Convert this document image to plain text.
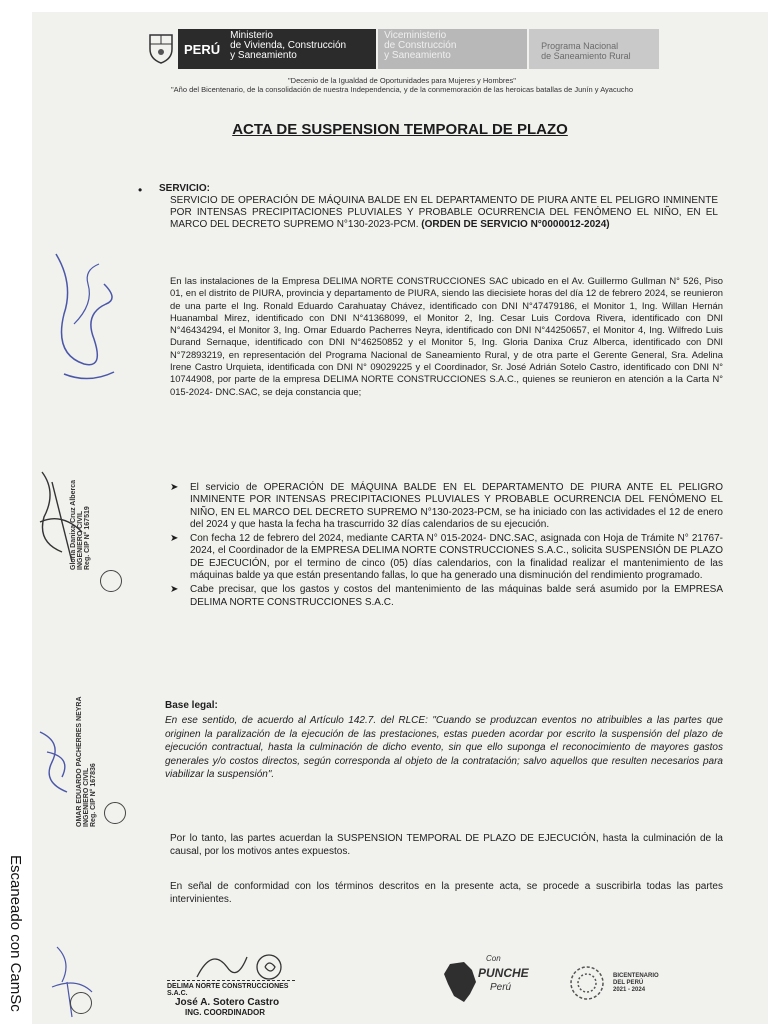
Escaneado con CamSc
PERÚ
Ministerio
de Vivienda, Construcción
y Saneamiento
Viceministerio
de Construcción
y Saneamiento
Programa Nacional
de Saneamiento Rural
"Decenio de la Igualdad de Oportunidades para Mujeres y Hombres"
"Año del Bicentenario, de la consolidación de nuestra Independencia, y de la conmemoración de las heroicas batallas de Junín y Ayacucho
ACTA DE SUSPENSION TEMPORAL DE PLAZO
• SERVICIO:
SERVICIO DE OPERACIÓN DE MÁQUINA BALDE EN EL DEPARTAMENTO DE PIURA ANTE EL PELIGRO INMINENTE POR INTENSAS PRECIPITACIONES PLUVIALES Y PROBABLE OCURRENCIA DEL FENÓMENO EL NIÑO, EN EL MARCO DEL DECRETO SUPREMO N°130-2023-PCM. (ORDEN DE SERVICIO N°0000012-2024)
En las instalaciones de la Empresa DELIMA NORTE CONSTRUCCIONES SAC ubicado en el Av. Guillermo Gullman N° 526, Piso 01, en el distrito de PIURA, provincia y departamento de PIURA, siendo las diecisiete horas del día 12 de febrero 2024, se reunieron de una parte el Ing. Ronald Eduardo Carahuatay Chávez, identificado con DNI N°47479186, el Monitor 1, Ing. Willan Hernán Huanambal Mirez, identificado con DNI N°41368099, el Monitor 2, Ing. Cesar Luis Cordova Rivera, identificado con DNI N°46434294, el Monitor 3, Ing. Omar Eduardo Pacherres Neyra, identificado con DNI N°44250657, el Monitor 4, Ing. Wilfredo Luis Durand Sernaque, identificado con DNI N°46250852 y el Monitor 5, Ing. Gloria Danixa Cruz Alberca, identificado con DNI N°72893219, en representación del Programa Nacional de Saneamiento Rural, y de otra parte el Gerente General, Sra. Adelina Irene Castro Urquieta, identificada con DNI N° 09029225 y el Coordinador, Sr. José Adrián Sotelo Castro, identificado con DNI N° 10744908, por parte de la empresa DELIMA NORTE CONSTRUCCIONES S.A.C., quienes se reunieron en atención a la Carta N° 015-2024- DNC.SAC, se deja constancia que;
➤ El servicio de OPERACIÓN DE MÁQUINA BALDE EN EL DEPARTAMENTO DE PIURA ANTE EL PELIGRO INMINENTE POR INTENSAS PRECIPITACIONES PLUVIALES Y PROBABLE OCURRENCIA DEL FENÓMENO EL NIÑO, EN EL MARCO DEL DECRETO SUPREMO N°130-2023-PCM, se ha iniciado con las actividades el 12 de enero del 2024 y que hasta la fecha ha trascurrido 32 días calendarios de su ejecución.
➤ Con fecha 12 de febrero del 2024, mediante CARTA N° 015-2024- DNC.SAC, asignada con Hoja de Trámite N° 21767-2024, el Coordinador de la EMPRESA DELIMA NORTE CONSTRUCCIONES S.A.C., solicita SUSPENSIÓN DE PLAZO DE EJECUCIÓN, por el termino de cinco (05) días calendarios, con la finalidad realizar el mantenimiento de las máquinas balde ya que están presentando fallas, lo que ha generado una disminución del rendimiento programado.
➤ Cabe precisar, que los gastos y costos del mantenimiento de las máquinas balde será asumido por la EMPRESA DELIMA NORTE CONSTRUCCIONES S.A.C.
Base legal:
En ese sentido, de acuerdo al Artículo 142.7. del RLCE: "Cuando se produzcan eventos no atribuibles a las partes que originen la paralización de la ejecución de las prestaciones, estas pueden acordar por escrito la suspensión del plazo de ejecución contractual, hasta la culminación de dicho evento, sin que ello suponga el reconocimiento de mayores gastos generales y/o costos directos, según corresponda al objeto de la contratación; salvo aquellos que resulten necesarios para viabilizar la suspensión".
Por lo tanto, las partes acuerdan la SUSPENSION TEMPORAL DE PLAZO DE EJECUCIÓN, hasta la culminación de la causal, por los motivos antes expuestos.
En señal de conformidad con los términos descritos en la presente acta, se procede a suscribirla todas las partes intervinientes.
Gloria Danixa Cruz Alberca INGENIERO CIVIL Reg. CIP N° 167519
OMAR EDUARDO PACHERRES NEYRA INGENIERO CIVIL Reg. CIP N° 167836
DELIMA NORTE CONSTRUCCIONES S.A.C.
José A. Sotero Castro
ING. COORDINADOR
Con
PUNCHE
Perú
BICENTENARIO
DEL PERÚ
2021 - 2024
